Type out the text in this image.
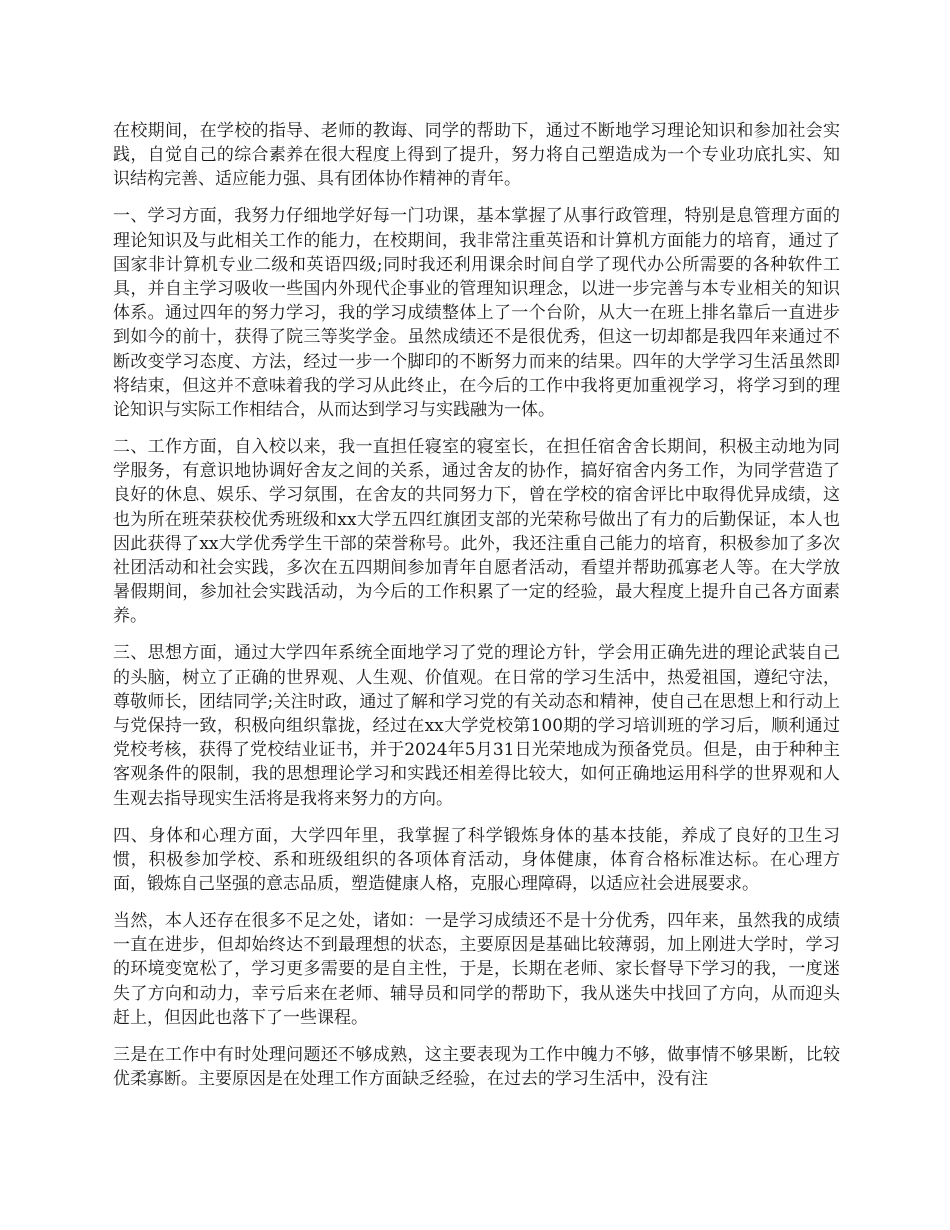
在校期间，在学校的指导、老师的教诲、同学的帮助下，通过不断地学习理论知识和参加社会实践，自觉自己的综合素养在很大程度上得到了提升，努力将自己塑造成为一个专业功底扎实、知识结构完善、适应能力强、具有团体协作精神的青年。

一、学习方面，我努力仔细地学好每一门功课，基本掌握了从事行政管理，特别是息管理方面的理论知识及与此相关工作的能力，在校期间，我非常注重英语和计算机方面能力的培育，通过了国家非计算机专业二级和英语四级;同时我还利用课余时间自学了现代办公所需要的各种软件工具，并自主学习吸收一些国内外现代企事业的管理知识理念，以进一步完善与本专业相关的知识体系。通过四年的努力学习，我的学习成绩整体上了一个台阶，从大一在班上排名靠后一直进步到如今的前十，获得了院三等奖学金。虽然成绩还不是很优秀，但这一切却都是我四年来通过不断改变学习态度、方法，经过一步一个脚印的不断努力而来的结果。四年的大学学习生活虽然即将结束，但这并不意味着我的学习从此终止，在今后的工作中我将更加重视学习，将学习到的理论知识与实际工作相结合，从而达到学习与实践融为一体。

二、工作方面，自入校以来，我一直担任寝室的寝室长，在担任宿舍舍长期间，积极主动地为同学服务，有意识地协调好舍友之间的关系，通过舍友的协作，搞好宿舍内务工作，为同学营造了良好的休息、娱乐、学习氛围，在舍友的共同努力下，曾在学校的宿舍评比中取得优异成绩，这也为所在班荣获校优秀班级和xx大学五四红旗团支部的光荣称号做出了有力的后勤保证，本人也因此获得了xx大学优秀学生干部的荣誉称号。此外，我还注重自己能力的培育，积极参加了多次社团活动和社会实践，多次在五四期间参加青年自愿者活动，看望并帮助孤寡老人等。在大学放暑假期间，参加社会实践活动，为今后的工作积累了一定的经验，最大程度上提升自己各方面素养。

三、思想方面，通过大学四年系统全面地学习了党的理论方针，学会用正确先进的理论武装自己的头脑，树立了正确的世界观、人生观、价值观。在日常的学习生活中，热爱祖国，遵纪守法，尊敬师长，团结同学;关注时政，通过了解和学习党的有关动态和精神，使自己在思想上和行动上与党保持一致，积极向组织靠拢，经过在xx大学党校第100期的学习培训班的学习后，顺利通过党校考核，获得了党校结业证书，并于2024年5月31日光荣地成为预备党员。但是，由于种种主客观条件的限制，我的思想理论学习和实践还相差得比较大，如何正确地运用科学的世界观和人生观去指导现实生活将是我将来努力的方向。

四、身体和心理方面，大学四年里，我掌握了科学锻炼身体的基本技能，养成了良好的卫生习惯，积极参加学校、系和班级组织的各项体育活动，身体健康，体育合格标准达标。在心理方面，锻炼自己坚强的意志品质，塑造健康人格，克服心理障碍，以适应社会进展要求。

当然，本人还存在很多不足之处，诸如：一是学习成绩还不是十分优秀，四年来，虽然我的成绩一直在进步，但却始终达不到最理想的状态，主要原因是基础比较薄弱，加上刚进大学时，学习的环境变宽松了，学习更多需要的是自主性，于是，长期在老师、家长督导下学习的我，一度迷失了方向和动力，幸亏后来在老师、辅导员和同学的帮助下，我从迷失中找回了方向，从而迎头赶上，但因此也落下了一些课程。

三是在工作中有时处理问题还不够成熟，这主要表现为工作中魄力不够，做事情不够果断，比较优柔寡断。主要原因是在处理工作方面缺乏经验，在过去的学习生活中，没有注
